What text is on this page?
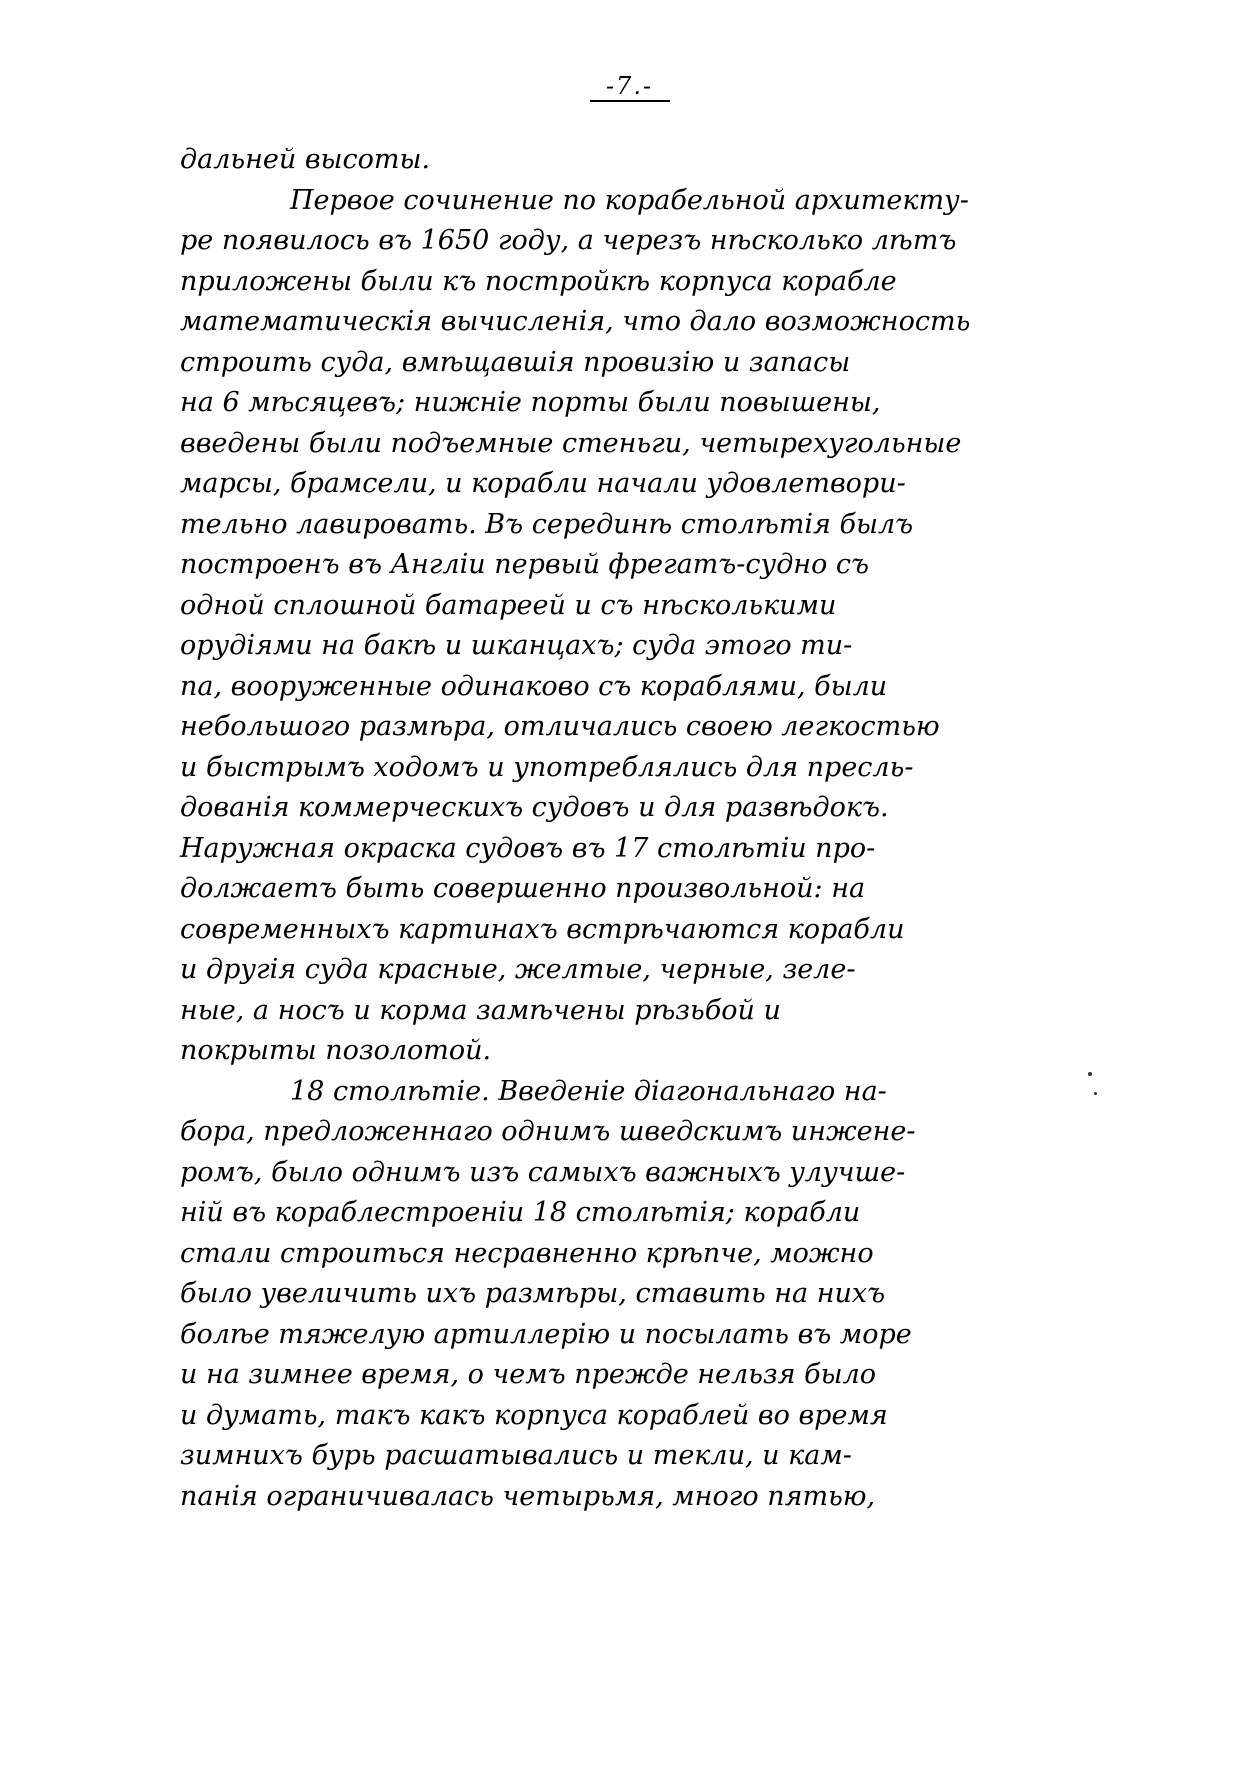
-7.-
дальней высоты.
Первое сочинение по корабельной архитекту-
ре появилось въ 1650 году, а черезъ нѣсколько лѣтъ
приложены были къ постройкѣ корпуса корабле
математическія вычисленія, что дало возможность
строить суда, вмѣщавшія провизію и запасы
на 6 мѣсяцевъ; нижніе порты были повышены,
введены были подъемные стеньги, четырехугольные
марсы, брамсели, и корабли начали удовлетвори-
тельно лавировать. Въ серединѣ столѣтія былъ
построенъ въ Англіи первый фрегатъ-судно съ
одной сплошной батареей и съ нѣсколькими
орудіями на бакѣ и шканцахъ; суда этого ти-
па, вооруженные одинаково съ кораблями, были
небольшого размѣра, отличались своею легкостью
и быстрымъ ходомъ и употреблялись для пресль-
дованія коммерческихъ судовъ и для развѣдокъ.
Наружная окраска судовъ въ 17 столѣтіи про-
должаетъ быть совершенно произвольной: на
современныхъ картинахъ встрѣчаются корабли
и другія суда красные, желтые, черные, зеле-
ные, а носъ и корма замѣчены рѣзьбой и
покрыты позолотой.
18 столѣтіе. Введеніе діагональнаго на-
бора, предложеннаго однимъ шведскимъ инжене-
ромъ, было однимъ изъ самыхъ важныхъ улучше-
ній въ кораблестроеніи 18 столѣтія; корабли
стали строиться несравненно крѣпче, можно
было увеличить ихъ размѣры, ставить на нихъ
болѣе тяжелую артиллерію и посылать въ море
и на зимнее время, о чемъ прежде нельзя было
и думать, такъ какъ корпуса кораблей во время
зимнихъ бурь расшатывались и текли, и кам-
панія ограничивалась четырьмя, много пятью,
